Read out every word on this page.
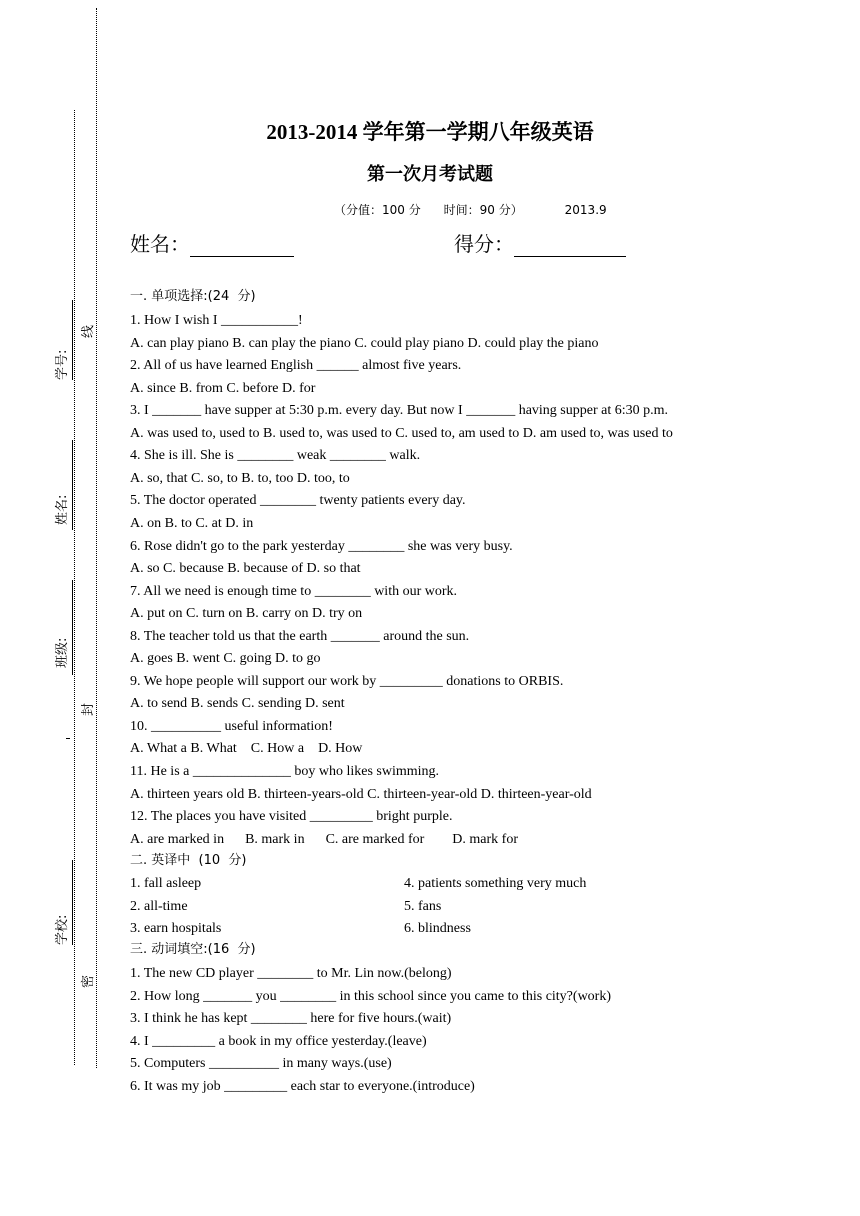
学号:
姓名:
班级:
学校:
线
封
密
2013-2014 学年第一学期八年级英语
第一次月考试题
（分值：100 分      时间：90 分）           2013.9
姓名：	得分：
一. 单项选择:(24  分)
1. How I wish I ___________!
A. can play piano B. can play the piano C. could play piano D. could play the piano
2. All of us have learned English ______ almost five years.
A. since B. from C. before D. for
3. I _______ have supper at 5:30 p.m. every day. But now I _______ having supper at 6:30 p.m.
A. was used to, used to B. used to, was used to C. used to, am used to D. am used to, was used to
4. She is ill. She is ________ weak ________ walk.
A. so, that C. so, to B. to, too D. too, to
5. The doctor operated ________ twenty patients every day.
A. on B. to C. at D. in
6. Rose didn't go to the park yesterday ________ she was very busy.
A. so C. because B. because of D. so that
7. All we need is enough time to ________ with our work.
A. put on C. turn on B. carry on D. try on
8. The teacher told us that the earth _______ around the sun.
A. goes B. went C. going D. to go
9. We hope people will support our work by _________ donations to ORBIS.
A. to send B. sends C. sending D. sent
10. __________ useful information!
A. What a B. What    C. How a    D. How
11. He is a ______________ boy who likes swimming.
A. thirteen years old B. thirteen-years-old C. thirteen-year-old D. thirteen-year-old
12. The places you have visited _________ bright purple.
A. are marked in      B. mark in      C. are marked for        D. mark for
二. 英译中  (10  分)
1. fall asleep
2. all-time
3. earn hospitals
4. patients something very much
5. fans
6. blindness
三. 动词填空:(16  分)
1. The new CD player ________ to Mr. Lin now.(belong)
2. How long _______ you ________ in this school since you came to this city?(work)
3. I think he has kept ________ here for five hours.(wait)
4. I _________ a book in my office yesterday.(leave)
5. Computers __________ in many ways.(use)
6. It was my job _________ each star to everyone.(introduce)
